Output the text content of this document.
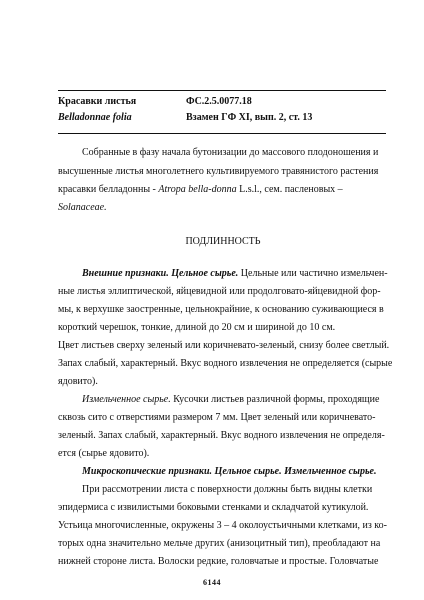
Красавки листья	ФС.2.5.0077.18
Belladonnae folia	Взамен ГФ XI, вып. 2, ст. 13
Собранные в фазу начала бутонизации до массового плодоношения и
высушенные листья многолетнего культивируемого травянистого растения
красавки белладонны - Atropa bella-donna L.s.l., сем. пасленовых –
Solanaceae.
ПОДЛИННОСТЬ
Внешние признаки. Цельное сырье. Цельные или частично измельчен-
ные листья эллиптической, яйцевидной или продолговато-яйцевидной фор-
мы, к верхушке заостренные, цельнокрайние, к основанию суживающиеся в
короткий черешок, тонкие, длиной до 20 см и шириной до 10 см.
Цвет листьев сверху зеленый или коричневато-зеленый, снизу более светлый.
Запах слабый, характерный. Вкус водного извлечения не определяется (сырые
ядовито).
Измельченное сырье. Кусочки листьев различной формы, проходящие
сквозь сито с отверстиями размером 7 мм. Цвет зеленый или коричневато-
зеленый. Запах слабый, характерный. Вкус водного извлечения не определя-
ется (сырье ядовито).
Микроскопические признаки. Цельное сырье. Измельченное сырье.
При рассмотрении листа с поверхности должны быть видны клетки
эпидермиса с извилистыми боковыми стенками и складчатой кутикулой.
Устьица многочисленные, окружены 3 – 4 околоустьичными клетками, из ко-
торых одна значительно мельче других (анизоцитный тип), преобладают на
нижней стороне листа. Волоски редкие, головчатые и простые. Головчатые
6144
